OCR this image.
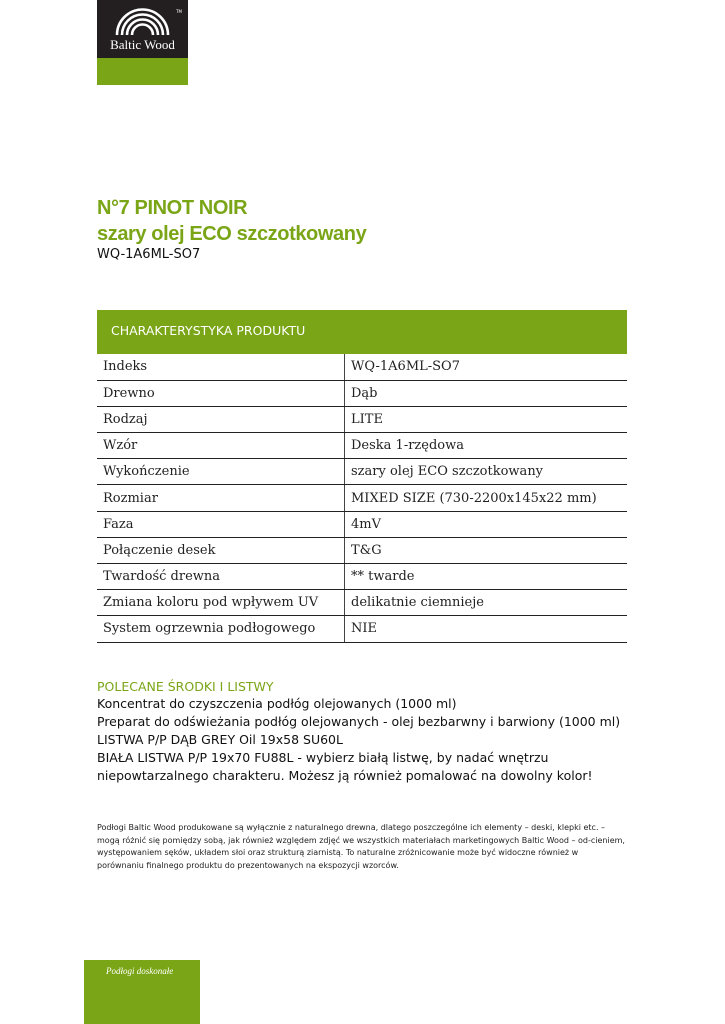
TM
Baltic Wood
N°7 PINOT NOIR
szary olej ECO szczotkowany
WQ-1A6ML-SO7
CHARAKTERYSTYKA PRODUKTU
Indeks	WQ-1A6ML-SO7
Drewno	Dąb
Rodzaj	LITE
Wzór	Deska 1-rzędowa
Wykończenie	szary olej ECO szczotkowany
Rozmiar	MIXED SIZE (730-2200x145x22 mm)
Faza	4mV
Połączenie desek	T&G
Twardość drewna	** twarde
Zmiana koloru pod wpływem UV	delikatnie ciemnieje
System ogrzewnia podłogowego	NIE
POLECANE ŚRODKI I LISTWY
Koncentrat do czyszczenia podłóg olejowanych (1000 ml)
Preparat do odświeżania podłóg olejowanych - olej bezbarwny i barwiony (1000 ml)
LISTWA P/P DĄB GREY Oil 19x58 SU60L
BIAŁA LISTWA P/P 19x70 FU88L - wybierz białą listwę, by nadać wnętrzu niepowtarzalnego charakteru. Możesz ją również pomalować na dowolny kolor!
Podłogi Baltic Wood produkowane są wyłącznie z naturalnego drewna, dlatego poszczególne ich elementy – deski, klepki etc. – mogą różnić się pomiędzy sobą, jak również względem zdjęć we wszystkich materiałach marketingowych Baltic Wood – od-cieniem, występowaniem sęków, układem słoi oraz strukturą ziarnistą. To naturalne zróżnicowanie może być widoczne również w porównaniu finalnego produktu do prezentowanych na ekspozycji wzorców.
Podłogi doskonałe
